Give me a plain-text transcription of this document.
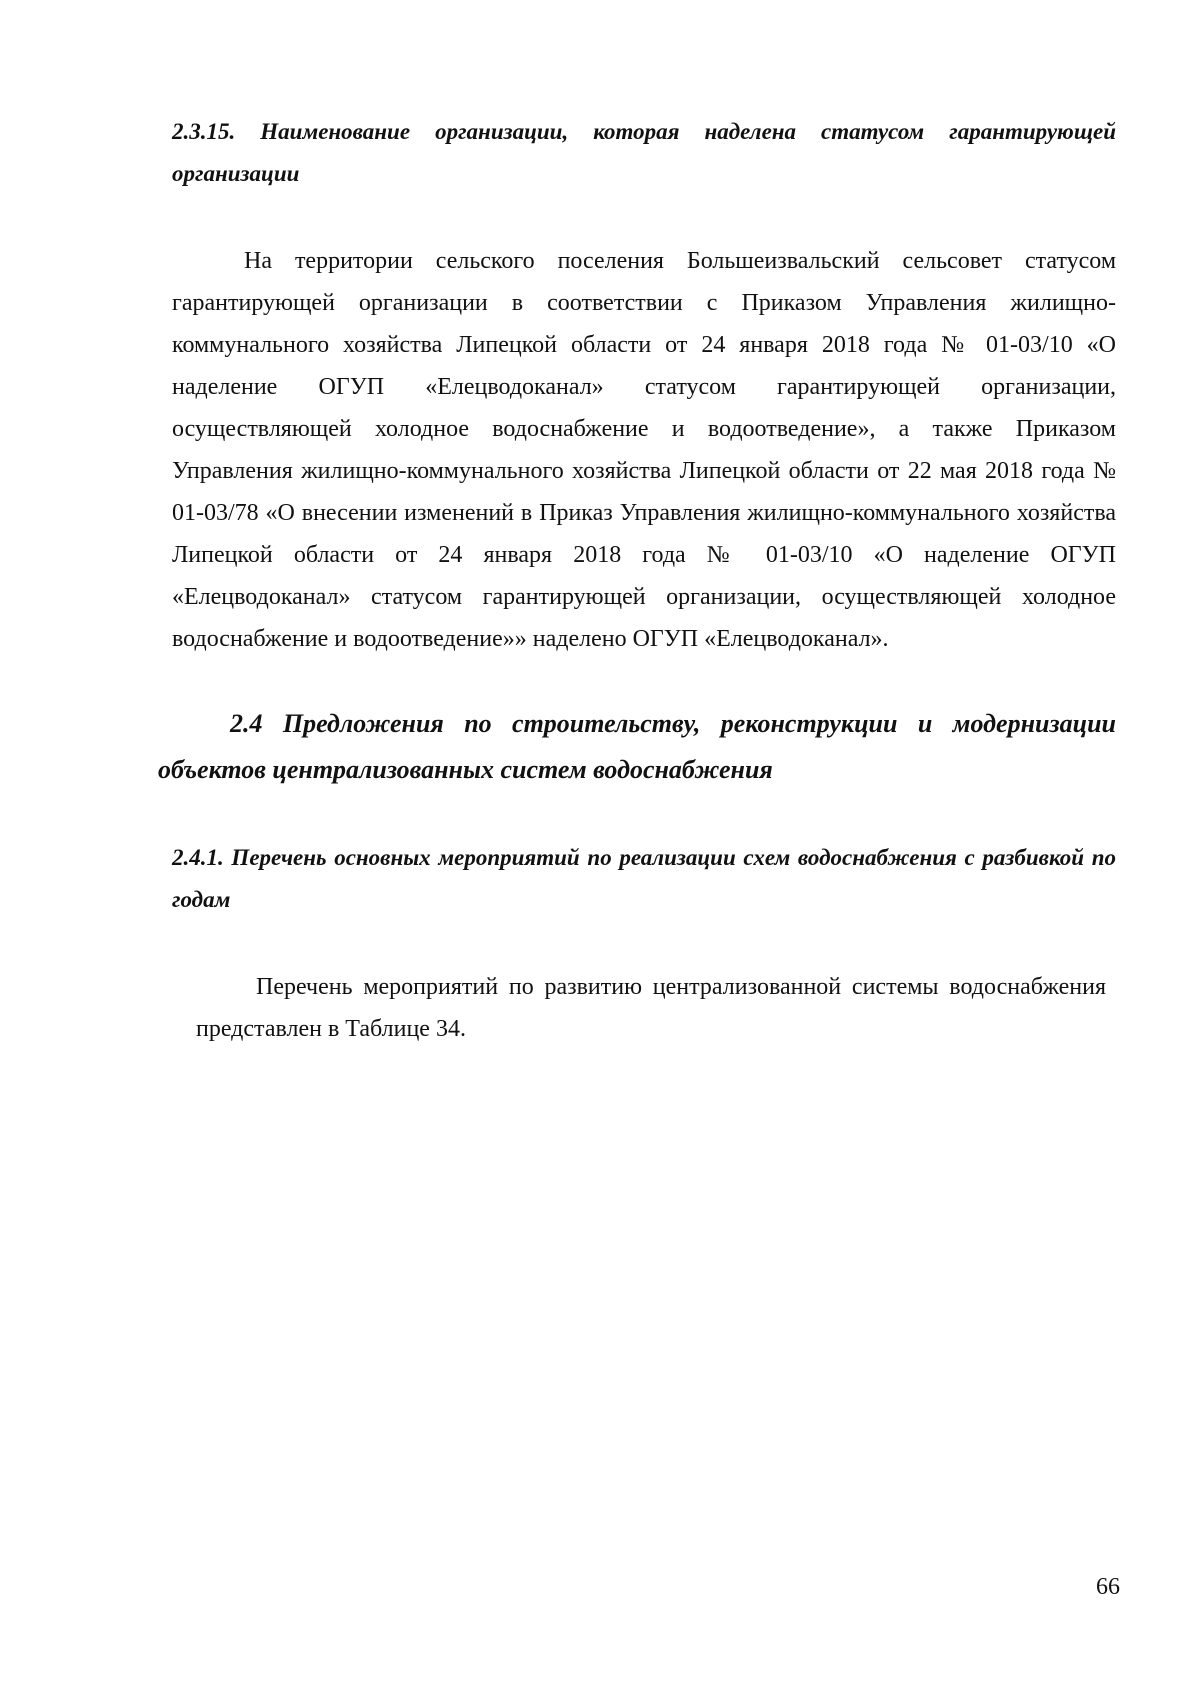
2.3.15. Наименование организации, которая наделена статусом гарантирующей организации
На территории сельского поселения Большеизвальский сельсовет статусом гарантирующей организации в соответствии с Приказом Управления жилищно-коммунального хозяйства Липецкой области от 24 января 2018 года № 01-03/10 «О наделение ОГУП «Елецводоканал» статусом гарантирующей организации, осуществляющей холодное водоснабжение и водоотведение», а также Приказом Управления жилищно-коммунального хозяйства Липецкой области от 22 мая 2018 года № 01-03/78 «О внесении изменений в Приказ Управления жилищно-коммунального хозяйства Липецкой области от 24 января 2018 года № 01-03/10 «О наделение ОГУП «Елецводоканал» статусом гарантирующей организации, осуществляющей холодное водоснабжение и водоотведение»» наделено ОГУП «Елецводоканал».
2.4 Предложения по строительству, реконструкции и модернизации объектов централизованных систем водоснабжения
2.4.1. Перечень основных мероприятий по реализации схем водоснабжения с разбивкой по годам
Перечень мероприятий по развитию централизованной системы водоснабжения представлен в Таблице 34.
66
